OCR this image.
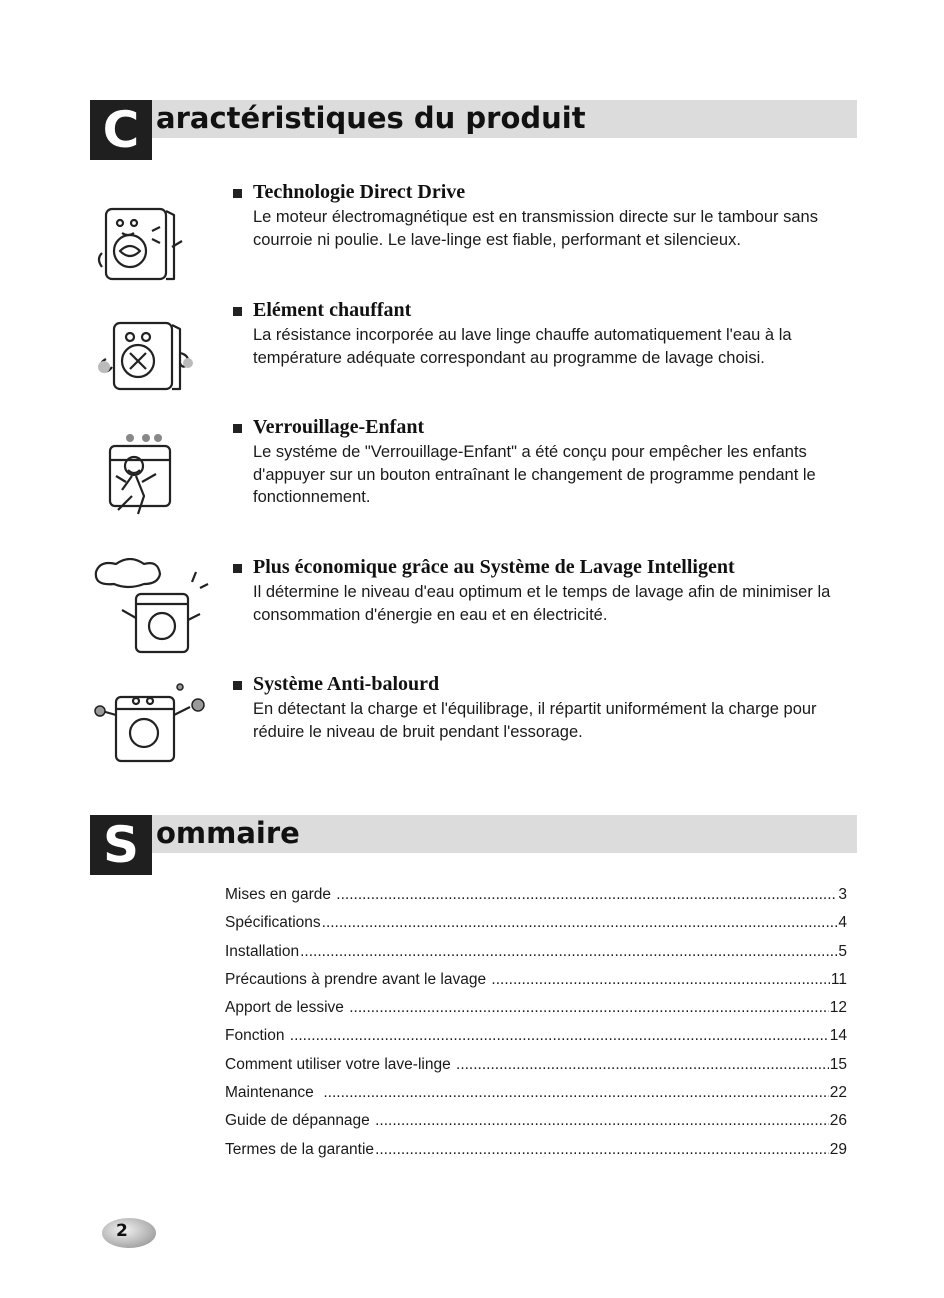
C aractéristiques du produit
Technologie Direct Drive
Le moteur électromagnétique est en transmission directe sur le tambour sans courroie ni poulie. Le lave-linge est fiable, performant et silencieux.
Elément chauffant
La résistance incorporée au lave linge chauffe automatiquement l'eau à la température adéquate correspondant au programme de lavage choisi.
Verrouillage-Enfant
Le systéme de "Verrouillage-Enfant" a été conçu pour empêcher les enfants d'appuyer sur un bouton entraînant le changement de programme pendant le fonctionnement.
Plus économique grâce au Système de Lavage Intelligent
Il détermine le niveau d'eau optimum et le temps de lavage afin de minimiser la consommation d'énergie en eau et en électricité.
Système Anti-balourd
En détectant la charge et l'équilibrage, il répartit uniformément la charge pour réduire le niveau de bruit pendant l'essorage.
S ommaire
Mises en garde .....	3
Spécifications .....	4
Installation .....	5
Précautions à prendre avant le lavage .....	11
Apport de lessive .....	12
Fonction .....	14
Comment utiliser votre lave-linge .....	15
Maintenance .....	22
Guide de dépannage .....	26
Termes de la garantie .....	29
2
